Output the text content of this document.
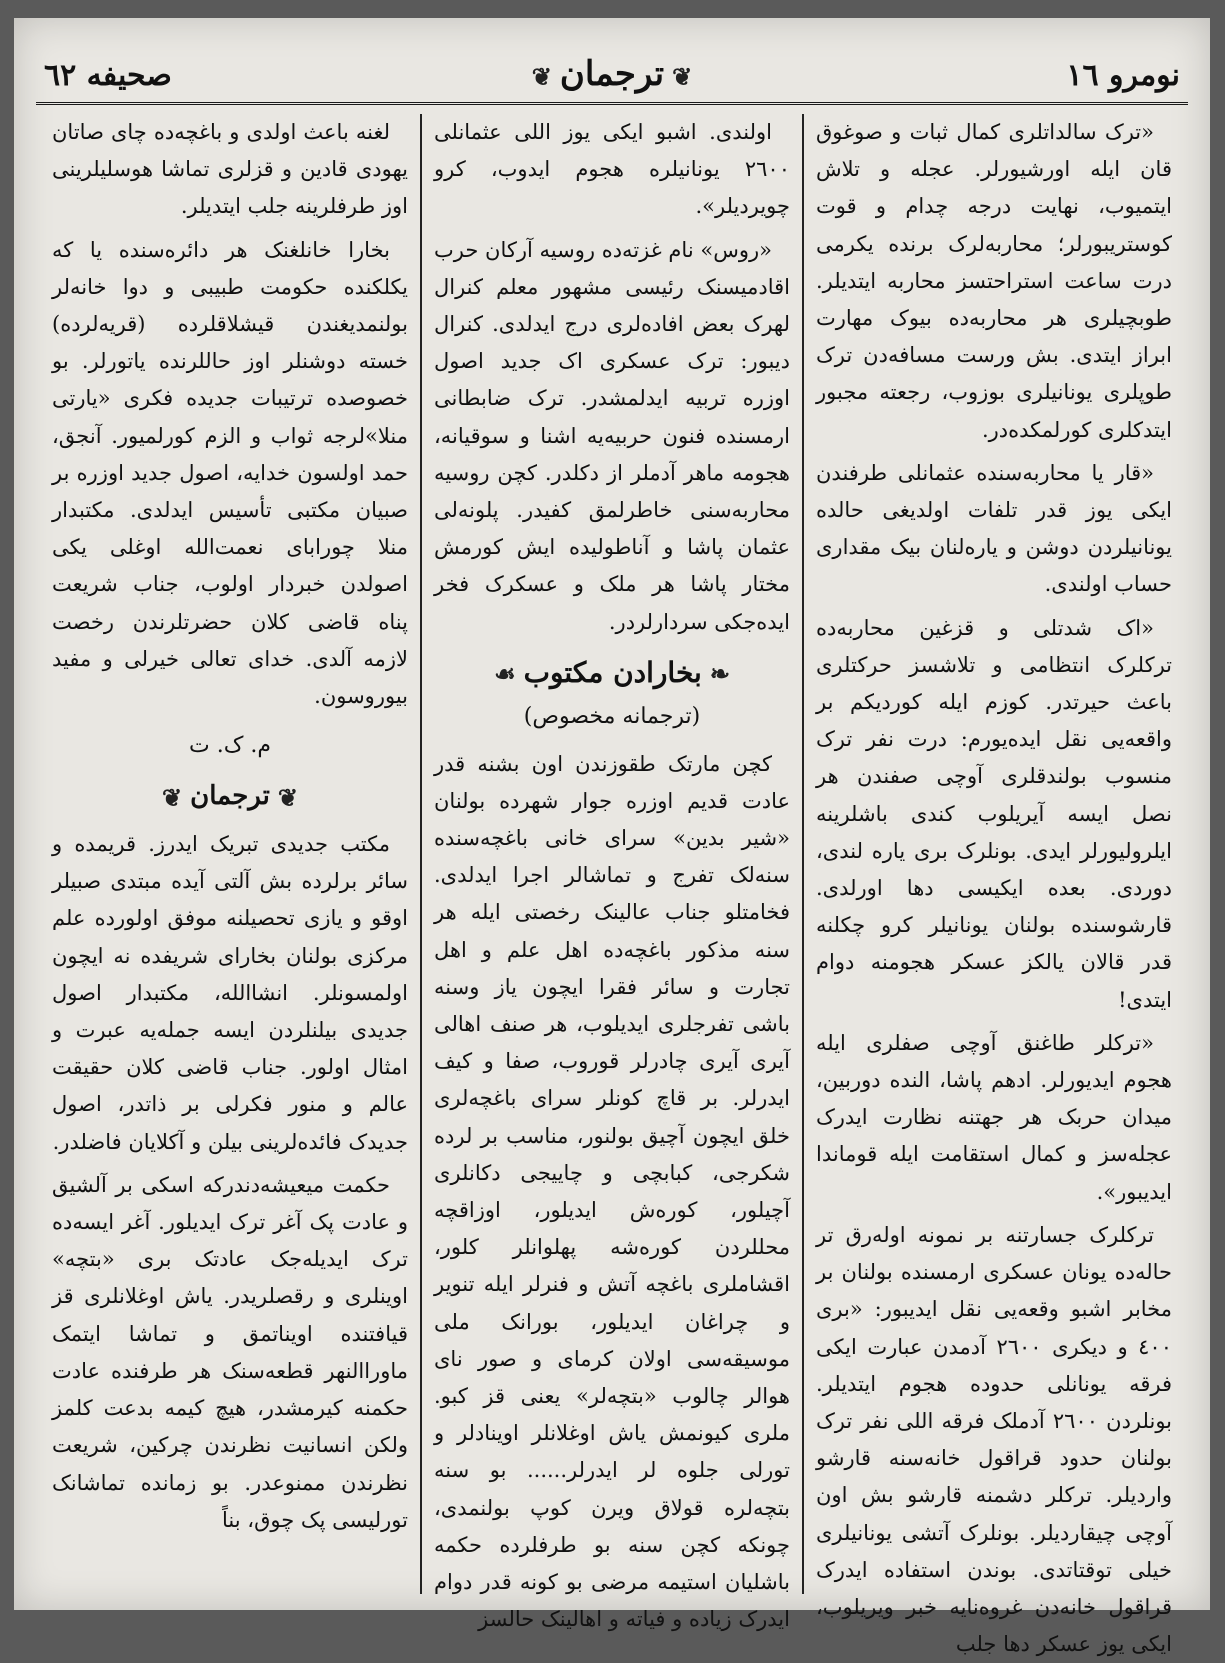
نومرو ١٦
❦ترجمان❦
صحيفه ٦٢

«ترک سالداتلری کمال ثبات و صوغوق قان ایله اورشیورلر. عجله و تلاش ایتمیوب، نهایت درجه چدام و قوت کوستریبورلر؛ محاربه‌لرک برنده یکرمی درت ساعت استراحتسز محاربه ایتدیلر. طوبچیلری هر محاربه‌ده بیوک مهارت ابراز ایتدی. بش ورست مسافه‌دن ترک طوپلری یونانیلری بوزوب، رجعته مجبور ایتدکلری کورلمکده‌در.

«قار یا محاربه‌سنده عثمانلی طرفندن ایکی یوز قدر تلفات اولدیغی حالده یونانیلردن دوشن و یاره‌لنان بیک مقداری حساب اولندی.

«اک شدتلی و قزغین محاربه‌ده ترکلرک انتظامی و تلاشسز حرکتلری باعث حیرتدر. کوزم ایله کوردیکم بر واقعه‌یی نقل ایده‌یورم: درت نفر ترک منسوب بولندقلری آوچی صفندن هر نصل ایسه آیریلوب کندی باشلرینه ایلرولیورلر ایدی. بونلرک بری یاره لندی، دوردی. بعده ایکیسی دها اورلدی. قارشوسنده بولنان یونانیلر کرو چکلنه قدر قالان یالکز عسکر هجومنه دوام ایتدی!

«ترکلر طاغنق آوچی صفلری ایله هجوم ایدیورلر. ادهم پاشا، النده دوربین، میدان حربک هر جهتنه نظارت ایدرک عجله‌سز و کمال استقامت ایله قوماندا ایدیبور».

ترکلرک جسارتنه بر نمونه اوله‌رق تر حاله‌ده یونان عسکری ارمسنده بولنان بر مخابر اشبو وقعه‌یی نقل ایدیبور: «بری ٤٠٠ و دیکری ٢٦٠٠ آدمدن عبارت ایکی فرقه یونانلی حدوده هجوم ایتدیلر. بونلردن ٢٦٠٠ آدملک فرقه اللی نفر ترک بولنان حدود قراقول خانه‌سنه قارشو واردیلر. ترکلر دشمنه قارشو بش اون آوچی چیقاردیلر. بونلرک آتشی یونانیلری خیلی توقتاتدی. بوندن استفاده ایدرک قراقول خانه‌دن غروه‌نایه خبر ویریلوب، ایکی یوز عسکر دها جلب

اولندی. اشبو ایکی یوز اللی عثمانلی ٢٦٠٠ یونانیلره هجوم ایدوب، کرو چویردیلر».

«روس» نام غزته‌ده روسیه آرکان حرب اقادمیسنک رئیسی مشهور معلم کنرال لهرک بعض افاده‌لری درج ایدلدی. کنرال دیبور: ترک عسکری اک جدید اصول اوزره تربیه ایدلمشدر. ترک ضابطانی ارمسنده فنون حربیه‌یه اشنا و سوقیانه، هجومه ماهر آدملر از دکلدر. کچن روسیه محاربه‌سنی خاطرلمق کفیدر. پلونه‌لی عثمان پاشا و آناطولیده ایش کورمش مختار پاشا هر ملک و عسکرک فخر ایده‌جکی سردارلردر.

❧بخارادن مکتوب☙
(ترجمانه مخصوص)

کچن مارتک طقوزندن اون بشنه قدر عادت قدیم اوزره جوار شهرده بولنان «شیر بدین» سرای خانی باغچه‌سنده سنه‌لک تفرج و تماشالر اجرا ایدلدی. فخامتلو جناب عالینک رخصتی ایله هر سنه مذکور باغچه‌ده اهل علم و اهل تجارت و سائر فقرا ایچون یاز وسنه باشی تفرجلری ایدیلوب، هر صنف اهالی آیری آیری چادرلر قوروب، صفا و کیف ایدرلر. بر قاچ کونلر سرای باغچه‌لری خلق ایچون آچیق بولنور، مناسب بر لرده شکرجی، کبابچی و چاییجی دکانلری آچیلور، کورەش ایدیلور، اوزاقچه محللردن کورەشه پهلوانلر کلور، اقشاملری باغچه آتش و فنرلر ایله تنویر و چراغان ایدیلور، بورانک ملی موسیقه‌سی اولان کرمای و صور نای هوالر چالوب «بتچه‌لر» یعنی قز کبو. ملری کیونمش یاش اوغلانلر اوینادلر و تورلی جلوه لر ایدرلر...... بو سنه بتچه‌لره قولاق ویرن کوپ بولنمدی، چونکه کچن سنه بو طرفلرده حکمه باشلیان استیمه مرضی بو کونه قدر دوام ایدرک زیاده و فیاته و اهالینک حالسز

لغنه باعث اولدی و باغچه‌ده چای صاتان یهودی قادین و قزلری تماشا هوسلیلرینی اوز طرفلرینه جلب ایتدیلر.

بخارا خانلغنک هر دائره‌سنده یا که یکلکنده حکومت طبیبی و دوا خانه‌لر بولنمدیغندن قیشلاقلرده (قریه‌لرده) خسته دوشنلر اوز حاللرنده یاتورلر. بو خصوصده ترتیبات جدیده فکری «یارتی منلا»لرجه ثواب و الزم کورلمیور. آنجق، حمد اولسون خدایه، اصول جدید اوزره بر صبیان مکتبی تأسیس ایدلدی. مکتبدار منلا چوراباى نعمت‌الله اوغلی یکی اصولدن خبردار اولوب، جناب شریعت پناه قاضی کلان حضرتلرندن رخصت لازمه آلدی. خدای تعالی خیرلی و مفید بیوروسون.

م. ک. ت
❦ترجمان❦

مکتب جدیدی تبریک ایدرز. قریمده و سائر برلرده بش آلتی آیده مبتدی صبیلر اوقو و یازی تحصیلنه موفق اولورده علم مرکزی بولنان بخارای شریفده نه ایچون اولمسونلر. انشاالله، مکتبدار اصول جدیدی بیلنلردن ایسه جمله‌یه عبرت و امثال اولور. جناب قاضی کلان حقیقت عالم و منور فکرلی بر ذاتدر، اصول جدیدک فائده‌لرینی بیلن و آکلایان فاضلدر.

حکمت میعیشه‌دندرکه اسکی بر آلشیق و عادت پک آغر ترک ایدیلور. آغر ایسه‌ده ترک ایدیله‌جک عادتک بری «بتچه» اوینلری و رقصلریدر. یاش اوغلانلری قز قیافتنده اویناتمق و تماشا ایتمک ماوراالنهر قطعه‌سنک هر طرفنده عادت حکمنه کیرمشدر، هیچ کیمه بدعت کلمز ولکن انسانیت نظرندن چرکین، شریعت نظرندن ممنوعدر. بو زمانده تماشانک تورلیسی پک چوق، بناً
